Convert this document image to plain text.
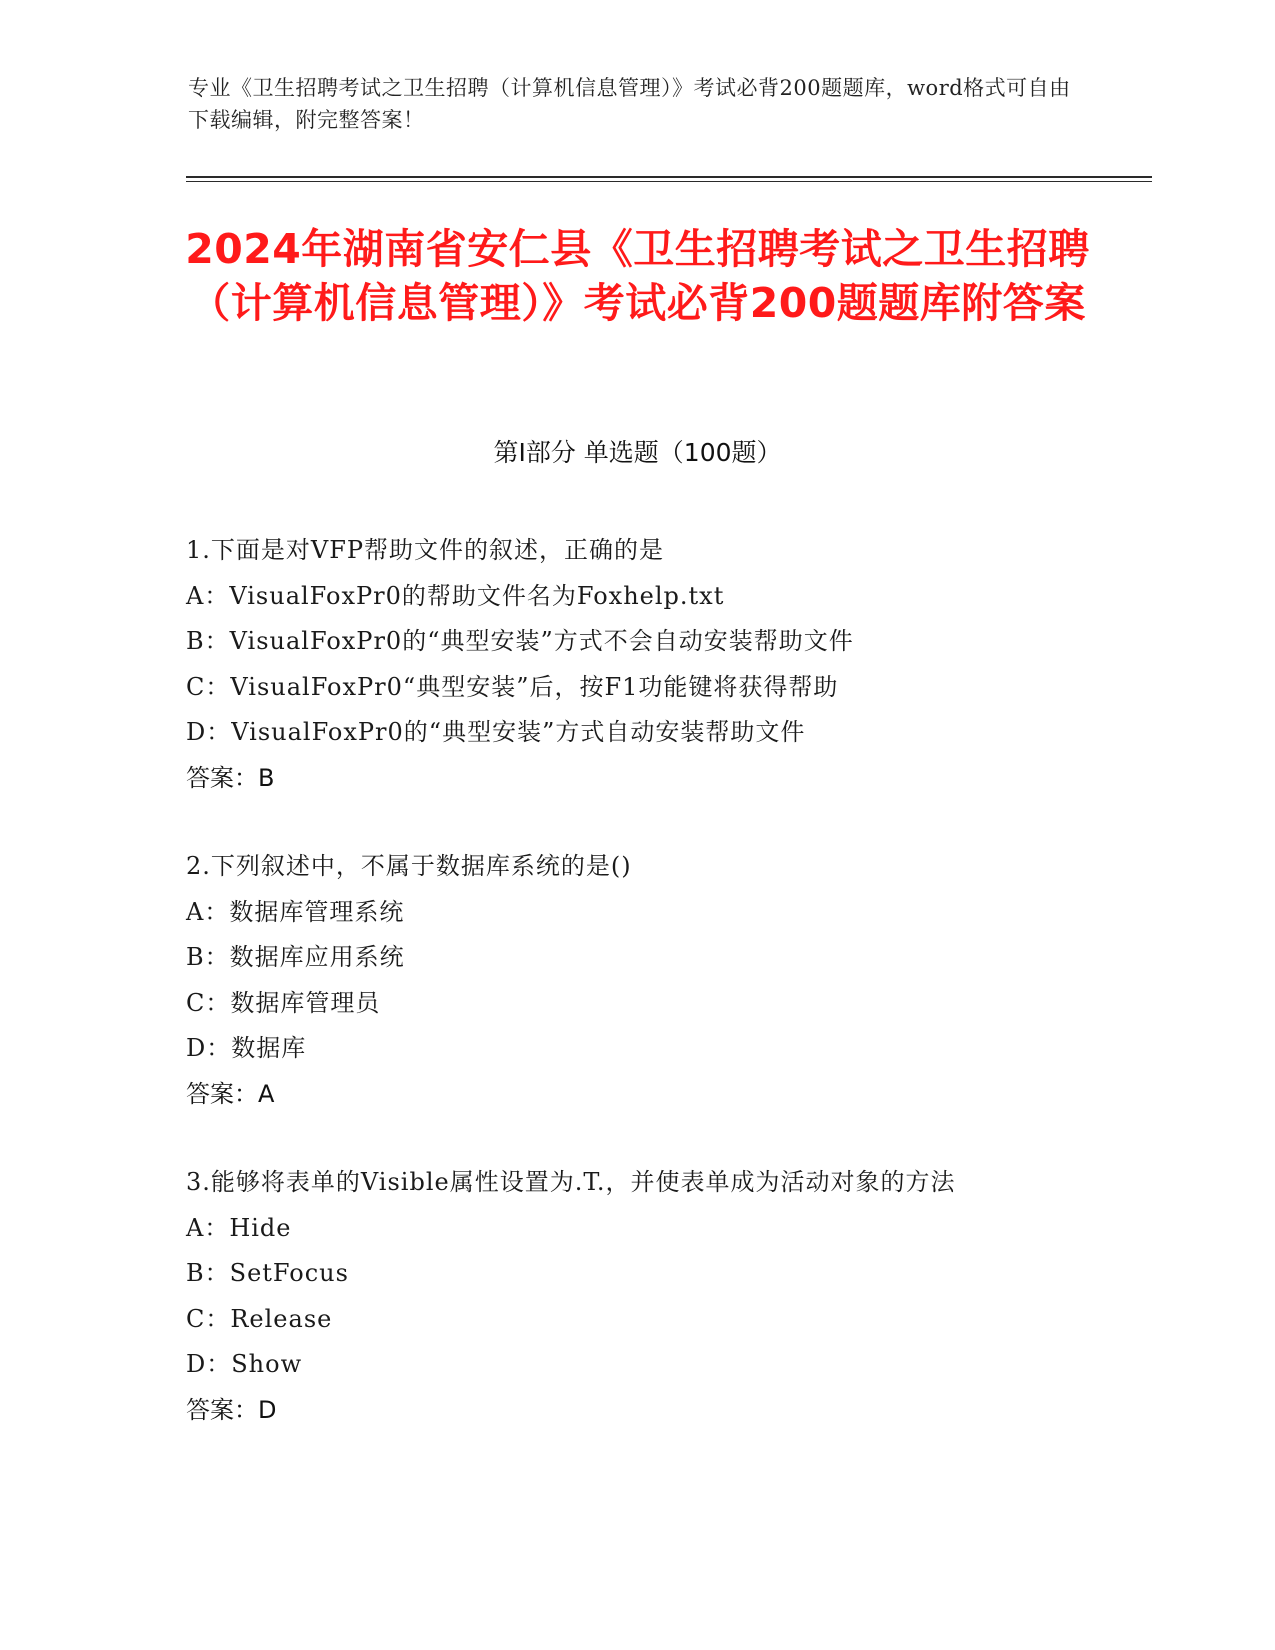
专业《卫生招聘考试之卫生招聘（计算机信息管理）》考试必背200题题库，word格式可自由下载编辑，附完整答案！
2024年湖南省安仁县《卫生招聘考试之卫生招聘（计算机信息管理）》考试必背200题题库附答案
第I部分 单选题（100题）
1.下面是对VFP帮助文件的叙述，正确的是
A：VisualFoxPr0的帮助文件名为Foxhelp.txt
B：VisualFoxPr0的“典型安装”方式不会自动安装帮助文件
C：VisualFoxPr0“典型安装”后，按F1功能键将获得帮助
D：VisualFoxPr0的“典型安装”方式自动安装帮助文件
答案：B
2.下列叙述中，不属于数据库系统的是()
A：数据库管理系统
B：数据库应用系统
C：数据库管理员
D：数据库
答案：A
3.能够将表单的Visible属性设置为.T.，并使表单成为活动对象的方法
A：Hide
B：SetFocus
C：Release
D：Show
答案：D
